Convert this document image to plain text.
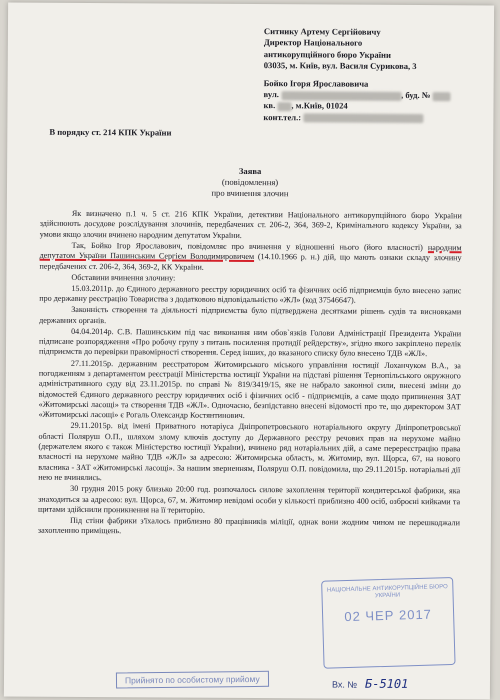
Ситнику Артему Сергійовичу
Директор Національного
антикорупційного бюро України
03035, м. Київ, вул. Василя Сурикова, 3
Бойко Ігоря Ярославовича
вул.	, буд. №
кв. , м.Київ, 01024
конт.тел.:
В порядку ст. 214 КПК України
Заява
(повідомлення)
про вчинення злочин

Як визначено п.1 ч. 5 ст. 216 КПК України, детективи Національного антикорупційного бюро України здійснюють досудове розслідування злочинів, передбачених ст. 206-2, 364, 369-2, Кримінального кодексу України, за умови якщо злочин вчинено народним депутатом України.

Так, Бойко Ігор Ярославович, повідомляє про вчинення у відношенні нього (його власності) народним депутатом України Пашинським Сергієм Володимировичем (14.10.1966 р. н.) дій, що мають ознаки складу злочину передбачених ст. 206-2, 364, 369-2, КК України.

Обставини вчинення злочину:

15.03.2011р. до Єдиного державного реєстру юридичних осіб та фізичних осіб підприємців було внесено запис про державну реєстрацію Товариства з додатковою відповідальністю «ЖЛ» (код 37546647).

Законність створення та діяльності підприємства було підтверджена десятками рішень судів та висновками державних органів.

04.04.2014р. С.В. Пашинським під час виконання ним обов`язків Голови Адміністрації Президента України підписане розпорядження «Про робочу групу з питань посилення протидії рейдерству», згідно якого закріплено перелік підприємств до перевірки правомірності створення. Серед інших, до вказаного списку було внесено ТДВ «ЖЛ».

27.11.2015р. державним реєстратором Житомирського міського управління юстиції Лоханчуком В.А., за погодженням з департаментом реєстрації Міністерства юстиції України на підставі рішення Тернопільського окружного адміністративного суду від 23.11.2015р. по справі № 819/3419/15, яке не набрало законної сили, внесені зміни до відомостей Єдиного державного реєстру юридичних осіб і фізичних осіб - підприємців, а саме щодо припинення ЗАТ «Житомирські ласощі» та створення ТДВ «ЖЛ». Одночасно, безпідставно внесені відомості про те, що директором ЗАТ «Житомирські ласощі» є Рогаль Олександр Костянтинович.

29.11.2015р. від імені Приватного нотаріуса Дніпропетровського нотаріального округу Дніпропетровської області Поляруш О.П., шляхом злому ключів доступу до Державного реєстру речових прав на нерухоме майно (держателем якого є також Міністерство юстиції України), вчинено ряд нотаріальних дій, а саме перереєстрацію права власності на нерухоме майно ТДВ «ЖЛ» за адресою: Житомирська область, м. Житомир, вул. Щорса, 67, на нового власника - ЗАТ «Житомирські ласощі». За нашим зверненням, Поляруш О.П. повідомила, що 29.11.2015р. нотаріальні дії нею не вчинялись.

30 грудня 2015 року близько 20:00 год. розпочалось силове захоплення території кондитерської фабрики, яка знаходиться за адресою: вул. Щорса, 67, м. Житомир невідомі особи у кількості приблизно 400 осіб, озброєні кийками та щитами здійснили проникнення на її територію.

Під стіни фабрики з'їхалось приблизно 80 працівників міліції, однак вони жодним чином не перешкоджали захопленню приміщень.

НАЦІОНАЛЬНЕ АНТИКОРУПЦІЙНЕ БЮРО УКРАЇНИ
02 ЧЕР 2017
Прийнято по особистому прийому	Вх. № Б-5101
